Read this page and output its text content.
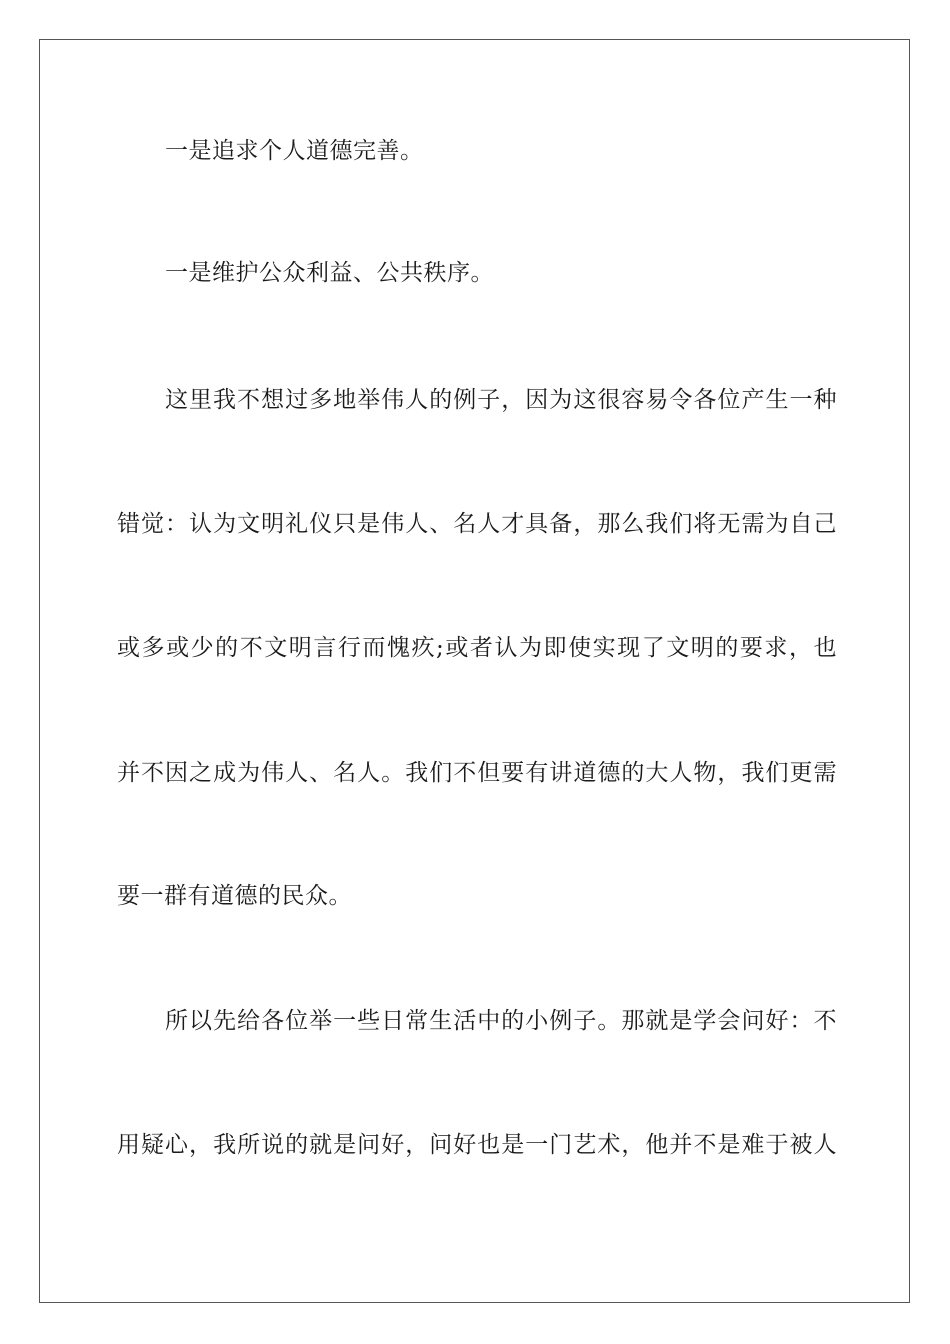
一是追求个人道德完善。
一是维护公众利益、公共秩序。
这里我不想过多地举伟人的例子，因为这很容易令各位产生一种
错觉：认为文明礼仪只是伟人、名人才具备，那么我们将无需为自己
或多或少的不文明言行而愧疚;或者认为即使实现了文明的要求，也
并不因之成为伟人、名人。我们不但要有讲道德的大人物，我们更需
要一群有道德的民众。
所以先给各位举一些日常生活中的小例子。那就是学会问好：不
用疑心，我所说的就是问好，问好也是一门艺术，他并不是难于被人
